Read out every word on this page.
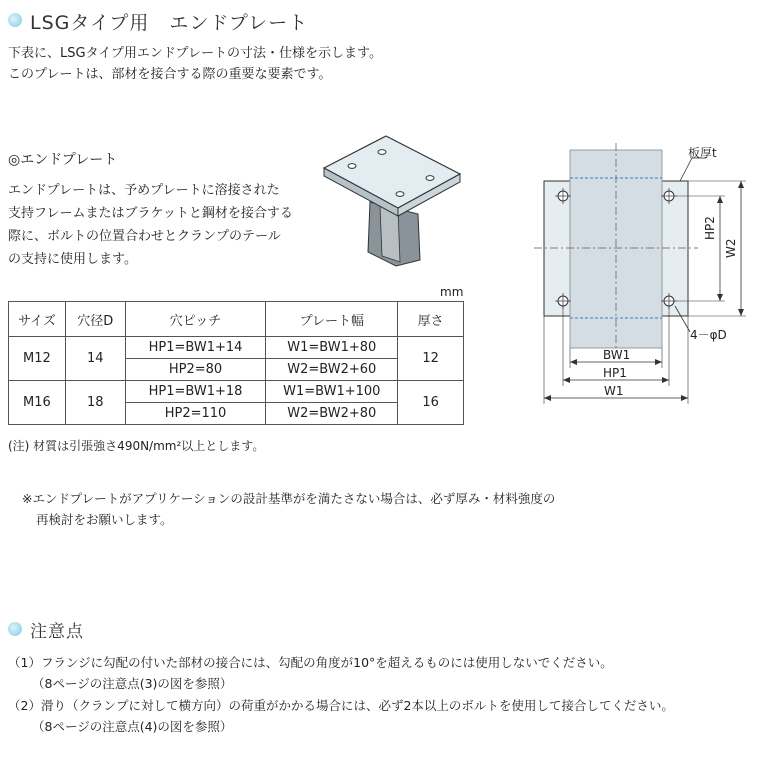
LSGタイプ用　エンドプレート
下表に、LSGタイプ用エンドプレートの寸法・仕様を示します。
このプレートは、部材を接合する際の重要な要素です。
◎エンドプレート
エンドプレートは、予めプレートに溶接された
支持フレームまたはブラケットと鋼材を接合する
際に、ボルトの位置合わせとクランプのテール
の支持に使用します。
mm
サイズ	穴径D	穴ピッチ	プレート幅	厚さ
M12	14	HP1=BW1+14	W1=BW1+80	12
		HP2=80	W2=BW2+60	
M16	18	HP1=BW1+18	W1=BW1+100	16
		HP2=110	W2=BW2+80	
(注) 材質は引張強さ490N/mm²以上とします。
板厚t
HP2
W2
4－φD
BW1
HP1
W1
※エンドプレートがアプリケーションの設計基準がを満たさない場合は、必ず厚み・材料強度の
再検討をお願いします。
注意点
（1）フランジに勾配の付いた部材の接合には、勾配の角度が10°を超えるものには使用しないでください。
（8ページの注意点(3)の図を参照）
（2）滑り（クランプに対して横方向）の荷重がかかる場合には、必ず2本以上のボルトを使用して接合してください。
（8ページの注意点(4)の図を参照）
